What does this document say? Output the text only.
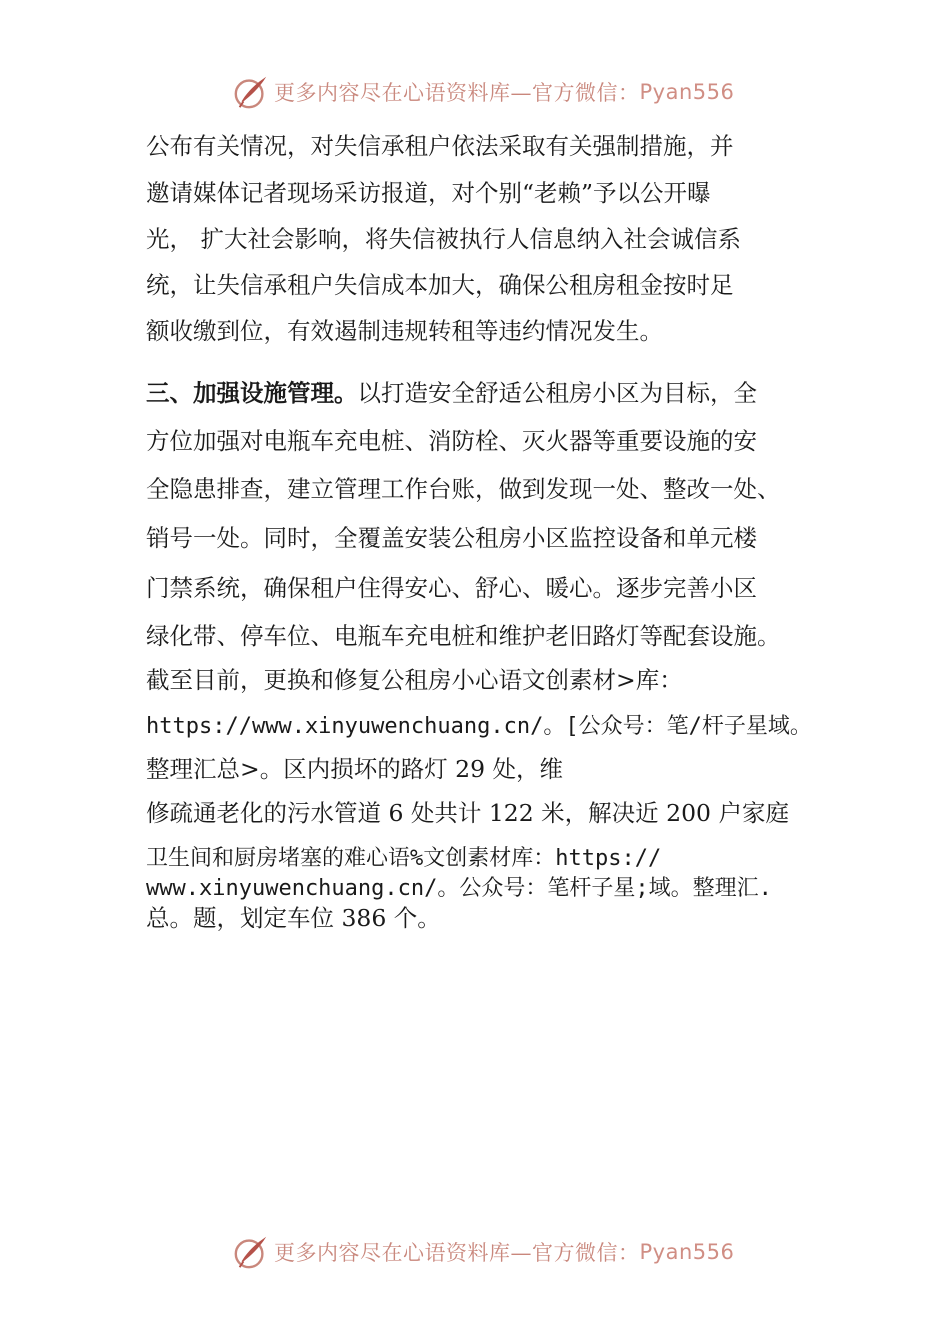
更多内容尽在心语资料库—官方微信： Pyan556
公布有关情况，对失信承租户依法采取有关强制措施，并
邀请媒体记者现场采访报道，对个别“老赖”予以公开曝
光， 扩大社会影响，将失信被执行人信息纳入社会诚信系
统，让失信承租户失信成本加大，确保公租房租金按时足
额收缴到位，有效遏制违规转租等违约情况发生。
三、加强设施管理。以打造安全舒适公租房小区为目标，全
方位加强对电瓶车充电桩、消防栓、灭火器等重要设施的安
全隐患排查，建立管理工作台账，做到发现一处、整改一处、
销号一处。同时，全覆盖安装公租房小区监控设备和单元楼
门禁系统，确保租户住得安心、舒心、暖心。逐步完善小区
绿化带、停车位、电瓶车充电桩和维护老旧路灯等配套设施。
截至目前，更换和修复公租房小心语文创素材>库：
https://www.xinyuwenchuang.cn/。[公众号：笔/杆子星域。
整理汇总>。区内损坏的路灯 29 处，维
修疏通老化的污水管道 6 处共计 122 米，解决近 200 户家庭
卫生间和厨房堵塞的难心语%文创素材库：https://
www.xinyuwenchuang.cn/。公众号：笔杆子星;域。整理汇.
总。题，划定车位 386 个。
更多内容尽在心语资料库—官方微信： Pyan556
